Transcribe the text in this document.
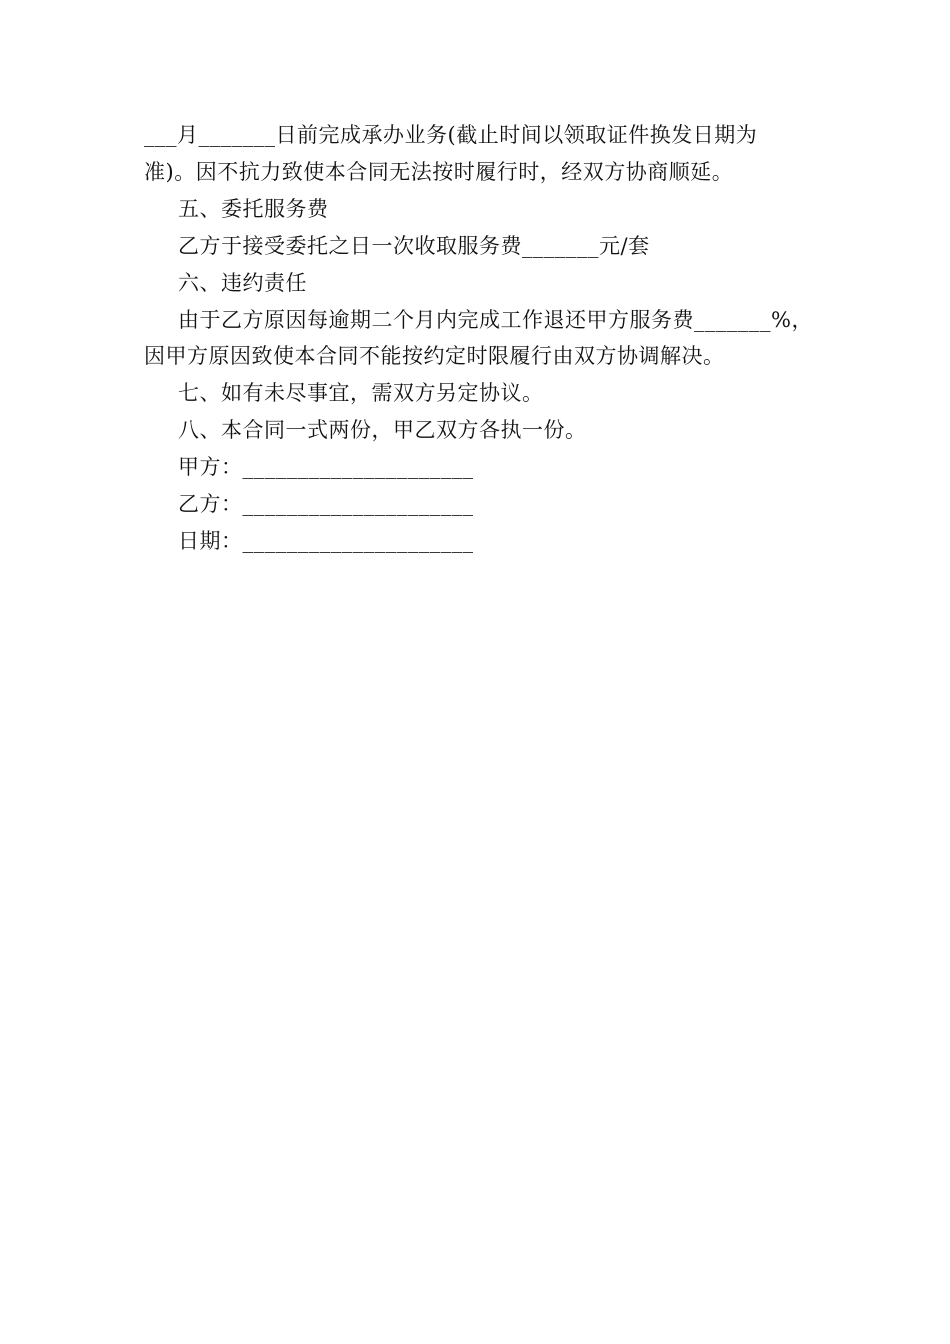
___月_______日前完成承办业务(截止时间以领取证件换发日期为
准)。因不抗力致使本合同无法按时履行时，经双方协商顺延。
五、委托服务费
乙方于接受委托之日一次收取服务费_______元/套
六、违约责任
由于乙方原因每逾期二个月内完成工作退还甲方服务费_______%，
因甲方原因致使本合同不能按约定时限履行由双方协调解决。
七、如有未尽事宜，需双方另定协议。
八、本合同一式两份，甲乙双方各执一份。
甲方：_____________________
乙方：_____________________
日期：_____________________
